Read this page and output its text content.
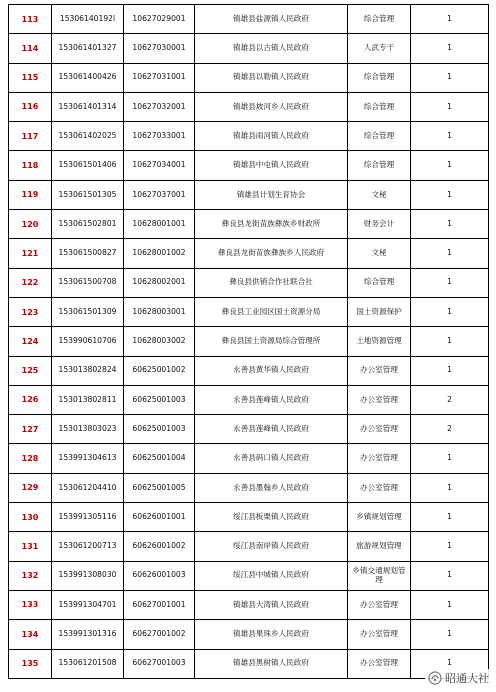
113	15306140192l	10627029001	镇雄县盐源镇人民政府	综合管理	1
114	153061401327	10627030001	镇雄县以古镇人民政府	人武专干	1
115	153061400426	10627031001	镇雄县以勒镇人民政府	综合管理	1
116	153061401314	10627032001	镇雄县坡河乡人民政府	综合管理	1
117	153061402025	10627033001	镇雄县雨河镇人民政府	综合管理	1
118	153061501406	10627034001	镇雄县中屯镇人民政府	综合管理	1
119	153061501305	10627037001	镇雄县计划生育协会	文秘	1
120	153061502801	10628001001	彝良县龙街苗族彝族乡财政所	财务会计	1
121	153061500827	10628001002	彝良县龙街苗族彝族乡人民政府	文秘	1
122	153061500708	10628002001	彝良县供销合作社联合社	综合管理	1
123	153061501309	10628003001	彝良县工业园区国土资源分局	国土资源保护	1
124	153990610706	10628003002	彝良县国土资源局综合管理所	土地资源管理	1
125	153013802824	60625001002	永善县黄华镇人民政府	办公室管理	1
126	153013802811	60625001003	永善县莲峰镇人民政府	办公室管理	2
127	153013803023	60625001003	永善县莲峰镇人民政府	办公室管理	2
128	153991304613	60625001004	永善县码口镇人民政府	办公室管理	1
129	153061204410	60625001005	永善县墨翰乡人民政府	办公室管理	1
130	153991305116	60626001001	绥江县板栗镇人民政府	乡镇规划管理	1
131	153061200713	60626001002	绥江县南岸镇人民政府	旅游规划管理	1
132	153991308030	60626001003	绥江县中城镇人民政府	乡镇交通规划管理	1
133	153991304701	60627001001	镇雄县大湾镇人民政府	办公室管理	1
134	153991301316	60627001002	镇雄县果珠乡人民政府	办公室管理	1
135	153061201508	60627001003	镇雄县黑树镇人民政府	办公室管理	1
昭通大社
